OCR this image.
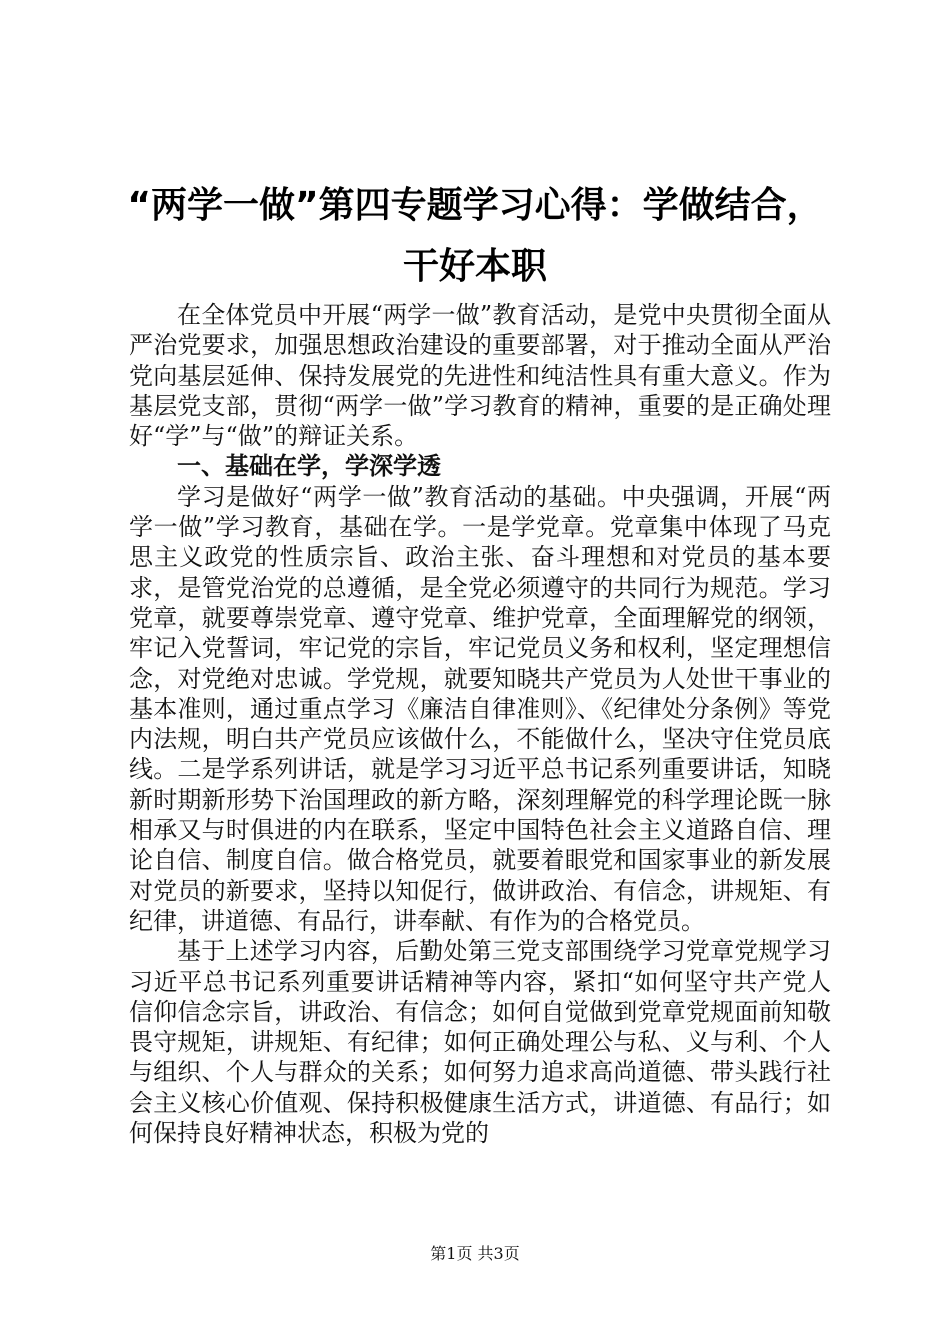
“两学一做”第四专题学习心得：学做结合，
干好本职

在全体党员中开展“两学一做”教育活动，是党中央贯彻全面从严治党要求，加强思想政治建设的重要部署，对于推动全面从严治党向基层延伸、保持发展党的先进性和纯洁性具有重大意义。作为基层党支部，贯彻“两学一做”学习教育的精神，重要的是正确处理好“学”与“做”的辩证关系。

一、基础在学，学深学透

学习是做好“两学一做”教育活动的基础。中央强调，开展“两学一做”学习教育，基础在学。一是学党章。党章集中体现了马克思主义政党的性质宗旨、政治主张、奋斗理想和对党员的基本要求，是管党治党的总遵循，是全党必须遵守的共同行为规范。学习党章，就要尊崇党章、遵守党章、维护党章，全面理解党的纲领，牢记入党誓词，牢记党的宗旨，牢记党员义务和权利，坚定理想信念，对党绝对忠诚。学党规，就要知晓共产党员为人处世干事业的基本准则，通过重点学习《廉洁自律准则》、《纪律处分条例》等党内法规，明白共产党员应该做什么，不能做什么，坚决守住党员底线。二是学系列讲话，就是学习习近平总书记系列重要讲话，知晓新时期新形势下治国理政的新方略，深刻理解党的科学理论既一脉相承又与时俱进的内在联系，坚定中国特色社会主义道路自信、理论自信、制度自信。做合格党员，就要着眼党和国家事业的新发展对党员的新要求，坚持以知促行，做讲政治、有信念，讲规矩、有纪律，讲道德、有品行，讲奉献、有作为的合格党员。

基于上述学习内容，后勤处第三党支部围绕学习党章党规学习习近平总书记系列重要讲话精神等内容，紧扣“如何坚守共产党人信仰信念宗旨，讲政治、有信念；如何自觉做到党章党规面前知敬畏守规矩，讲规矩、有纪律；如何正确处理公与私、义与利、个人与组织、个人与群众的关系；如何努力追求高尚道德、带头践行社会主义核心价值观、保持积极健康生活方式，讲道德、有品行；如何保持良好精神状态，积极为党的

第1页 共3页
